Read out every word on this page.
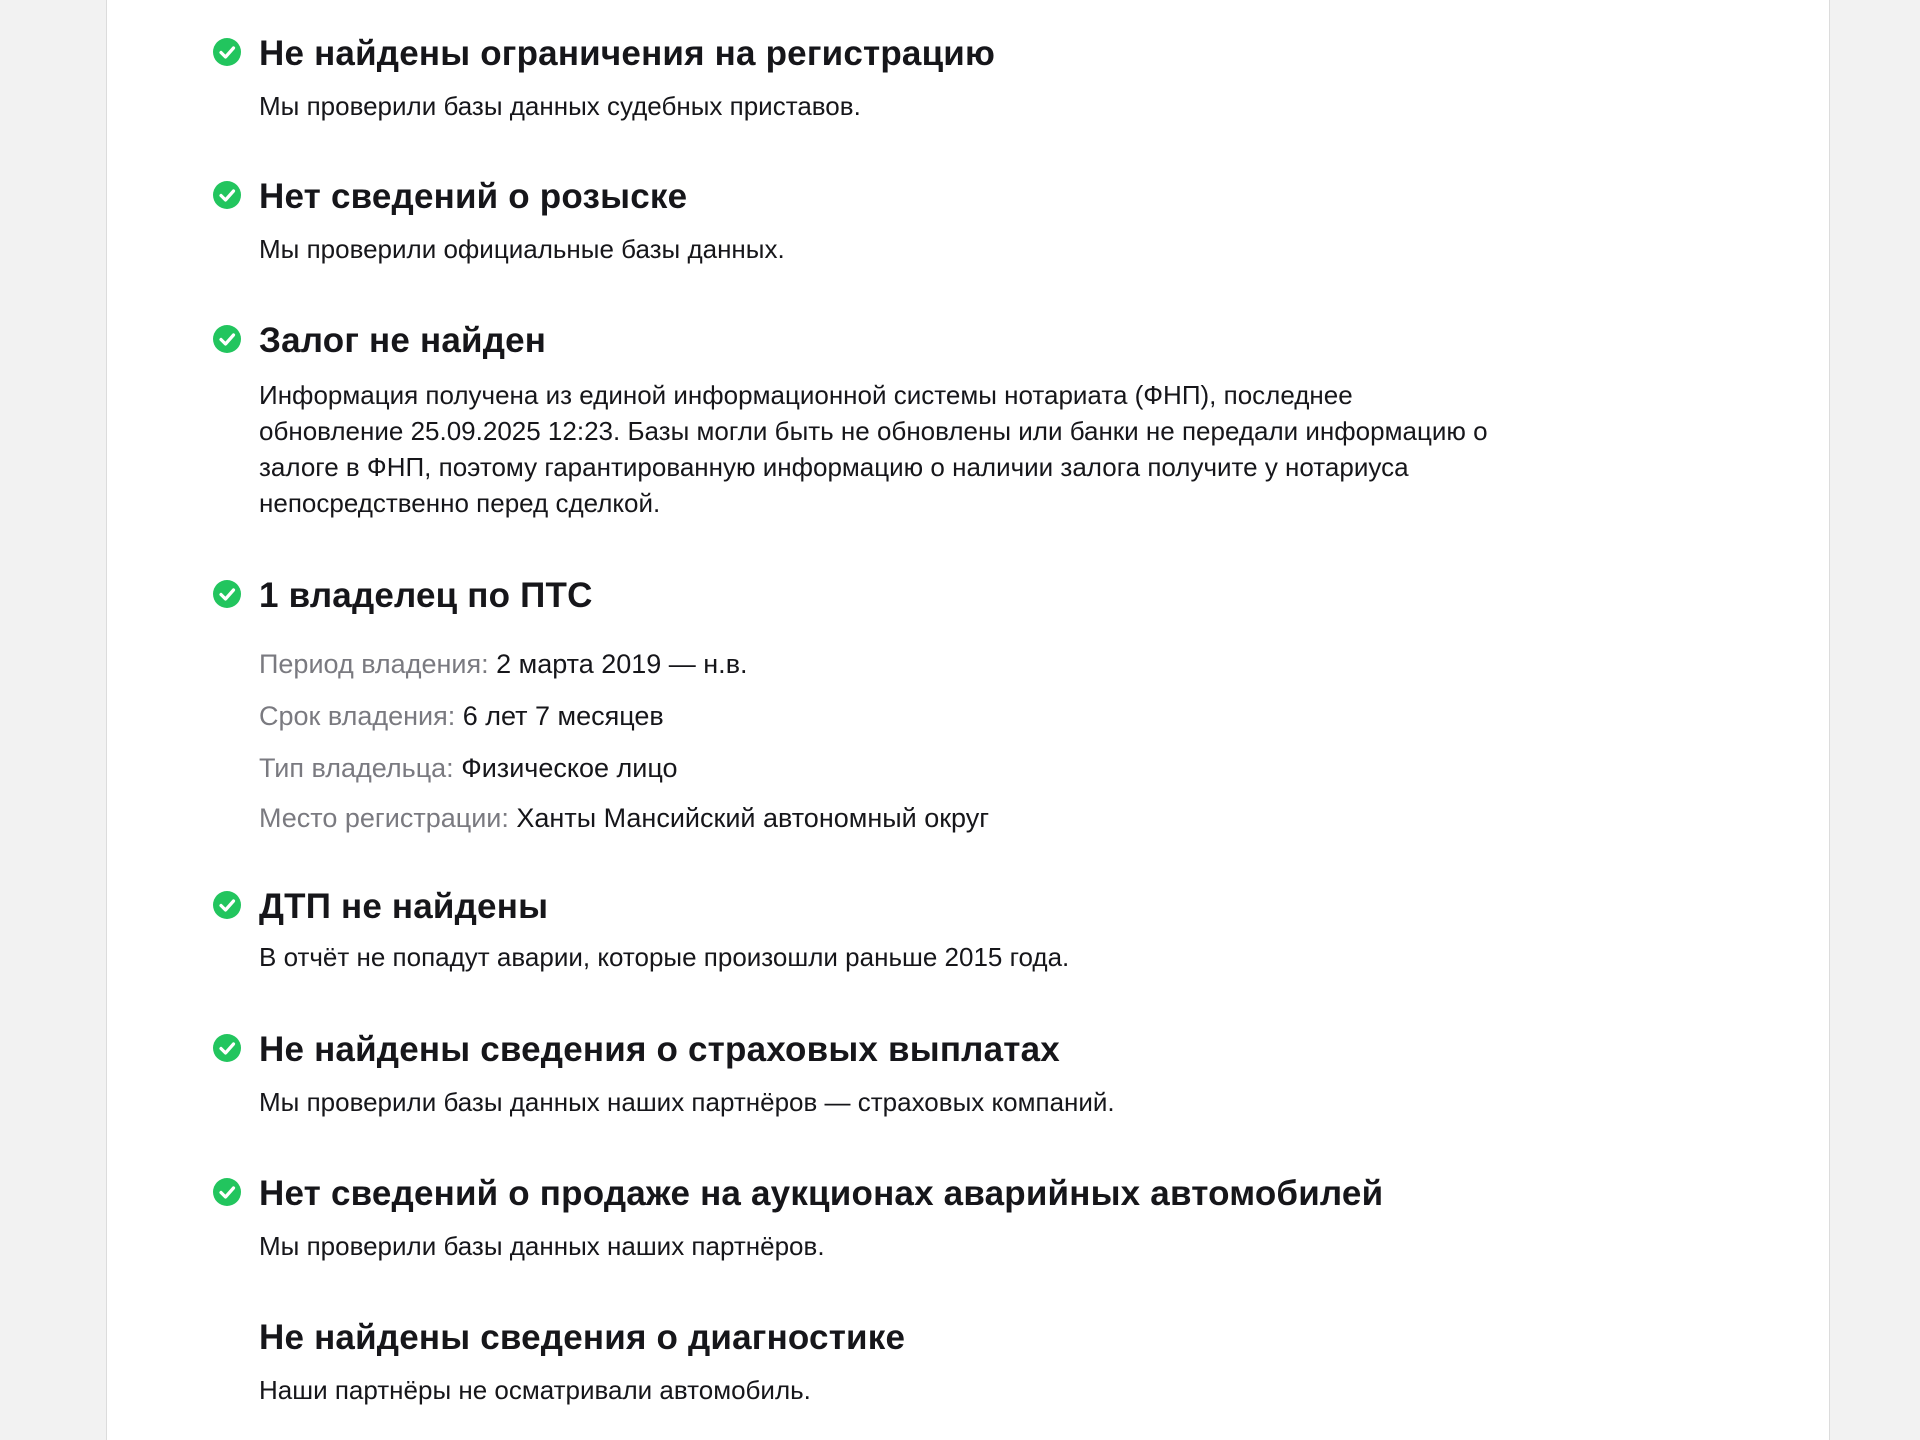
Не найдены ограничения на регистрацию

Мы проверили базы данных судебных приставов.

Нет сведений о розыске

Мы проверили официальные базы данных.

Залог не найден

Информация получена из единой информационной системы нотариата (ФНП), последнее
обновление 25.09.2025 12:23. Базы могли быть не обновлены или банки не передали информацию о
залоге в ФНП, поэтому гарантированную информацию о наличии залога получите у нотариуса
непосредственно перед сделкой.

1 владелец по ПТС

Период владения: 2 марта 2019 — н.в.

Срок владения: 6 лет 7 месяцев

Тип владельца: Физическое лицо

Место регистрации: Ханты Мансийский автономный округ

ДТП не найдены

В отчёт не попадут аварии, которые произошли раньше 2015 года.

Не найдены сведения о страховых выплатах

Мы проверили базы данных наших партнёров — страховых компаний.

Нет сведений о продаже на аукционах аварийных автомобилей

Мы проверили базы данных наших партнёров.

Не найдены сведения о диагностике

Наши партнёры не осматривали автомобиль.
